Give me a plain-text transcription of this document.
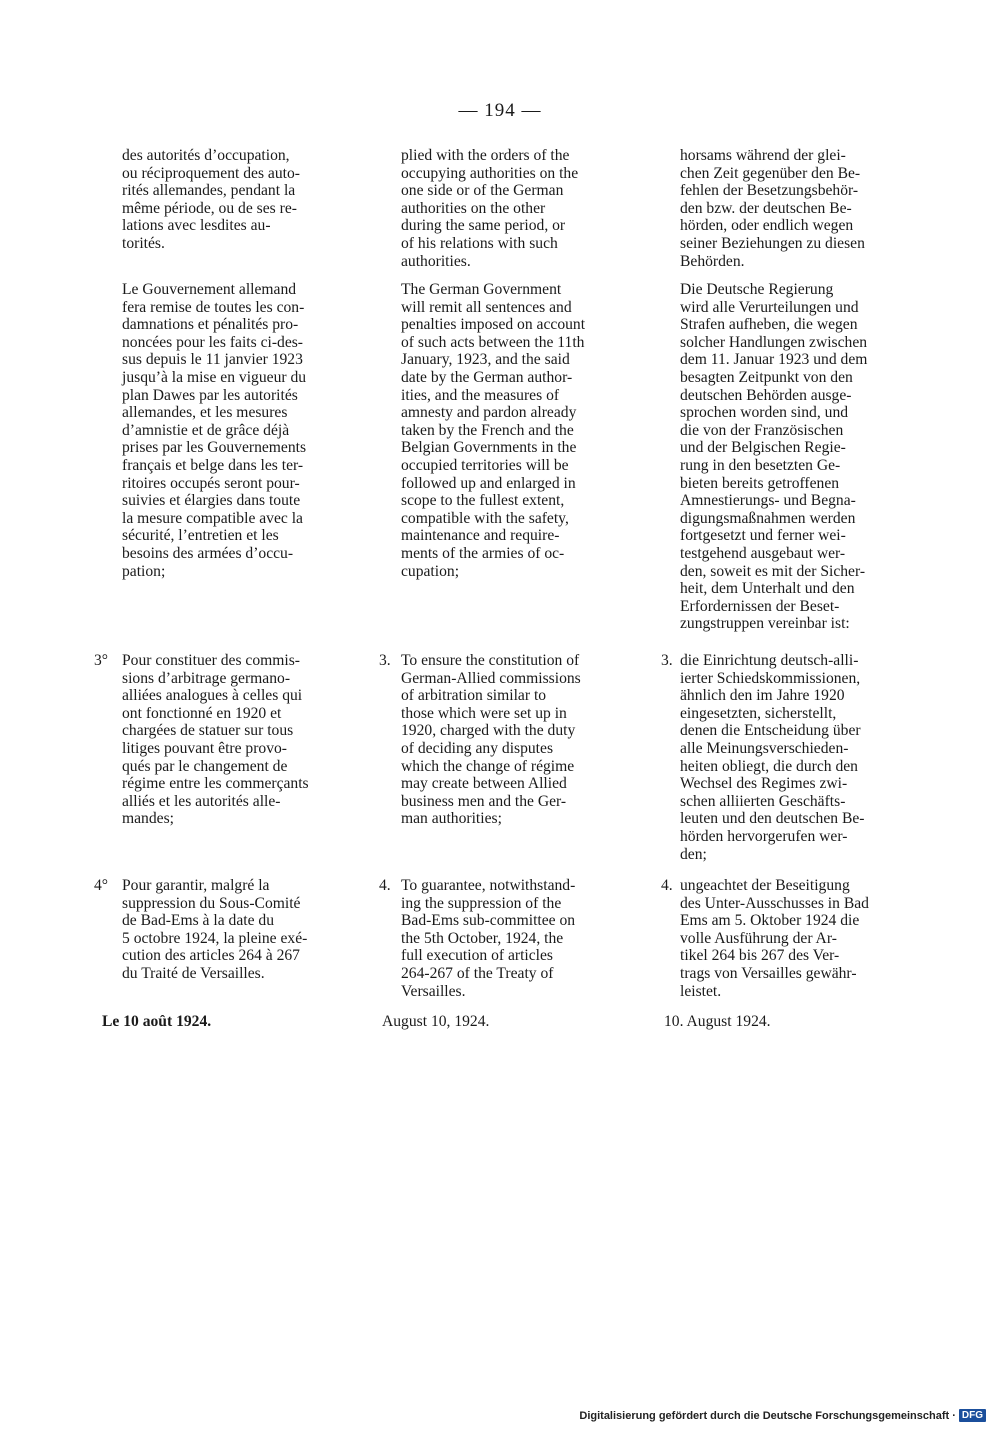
— 194 —

des autorités d’occupation,
ou réciproquement des auto-
rités allemandes, pendant la
même période, ou de ses re-
lations avec lesdites au-
torités.

Le Gouvernement allemand
fera remise de toutes les con-
damnations et pénalités pro-
noncées pour les faits ci-des-
sus depuis le 11 janvier 1923
jusqu’à la mise en vigueur du
plan Dawes par les autorités
allemandes, et les mesures
d’amnistie et de grâce déjà
prises par les Gouvernements
français et belge dans les ter-
ritoires occupés seront pour-
suivies et élargies dans toute
la mesure compatible avec la
sécurité, l’entretien et les
besoins des armées d’occu-
pation;

3° Pour constituer des commis-
sions d’arbitrage germano-
alliées analogues à celles qui
ont fonctionné en 1920 et
chargées de statuer sur tous
litiges pouvant être provo-
qués par le changement de
régime entre les commerçants
alliés et les autorités alle-
mandes;

4° Pour garantir, malgré la
suppression du Sous-Comité
de Bad-Ems à la date du
5 octobre 1924, la pleine exé-
cution des articles 264 à 267
du Traité de Versailles.

Le 10 août 1924.

plied with the orders of the
occupying authorities on the
one side or of the German
authorities on the other
during the same period, or
of his relations with such
authorities.

The German Government
will remit all sentences and
penalties imposed on account
of such acts between the 11th
January, 1923, and the said
date by the German author-
ities, and the measures of
amnesty and pardon already
taken by the French and the
Belgian Governments in the
occupied territories will be
followed up and enlarged in
scope to the fullest extent,
compatible with the safety,
maintenance and require-
ments of the armies of oc-
cupation;

3. To ensure the constitution of
German-Allied commissions
of arbitration similar to
those which were set up in
1920, charged with the duty
of deciding any disputes
which the change of régime
may create between Allied
business men and the Ger-
man authorities;

4. To guarantee, notwithstand-
ing the suppression of the
Bad-Ems sub-committee on
the 5th October, 1924, the
full execution of articles
264-267 of the Treaty of
Versailles.

August 10, 1924.

horsams während der glei-
chen Zeit gegenüber den Be-
fehlen der Besetzungsbehör-
den bzw. der deutschen Be-
hörden, oder endlich wegen
seiner Beziehungen zu diesen
Behörden.

Die Deutsche Regierung
wird alle Verurteilungen und
Strafen aufheben, die wegen
solcher Handlungen zwischen
dem 11. Januar 1923 und dem
besagten Zeitpunkt von den
deutschen Behörden ausge-
sprochen worden sind, und
die von der Französischen
und der Belgischen Regie-
rung in den besetzten Ge-
bieten bereits getroffenen
Amnestierungs- und Begna-
digungsmaßnahmen werden
fortgesetzt und ferner wei-
testgehend ausgebaut wer-
den, soweit es mit der Sicher-
heit, dem Unterhalt und den
Erfordernissen der Beset-
zungstruppen vereinbar ist:

3. die Einrichtung deutsch-alli-
ierter Schiedskommissionen,
ähnlich den im Jahre 1920
eingesetzten, sicherstellt,
denen die Entscheidung über
alle Meinungsverschieden-
heiten obliegt, die durch den
Wechsel des Regimes zwi-
schen alliierten Geschäfts-
leuten und den deutschen Be-
hörden hervorgerufen wer-
den;

4. ungeachtet der Beseitigung
des Unter-Ausschusses in Bad
Ems am 5. Oktober 1924 die
volle Ausführung der Ar-
tikel 264 bis 267 des Ver-
trags von Versailles gewähr-
leistet.

10. August 1924.
Digitalisierung gefördert durch die Deutsche Forschungsgemeinschaft · DFG
